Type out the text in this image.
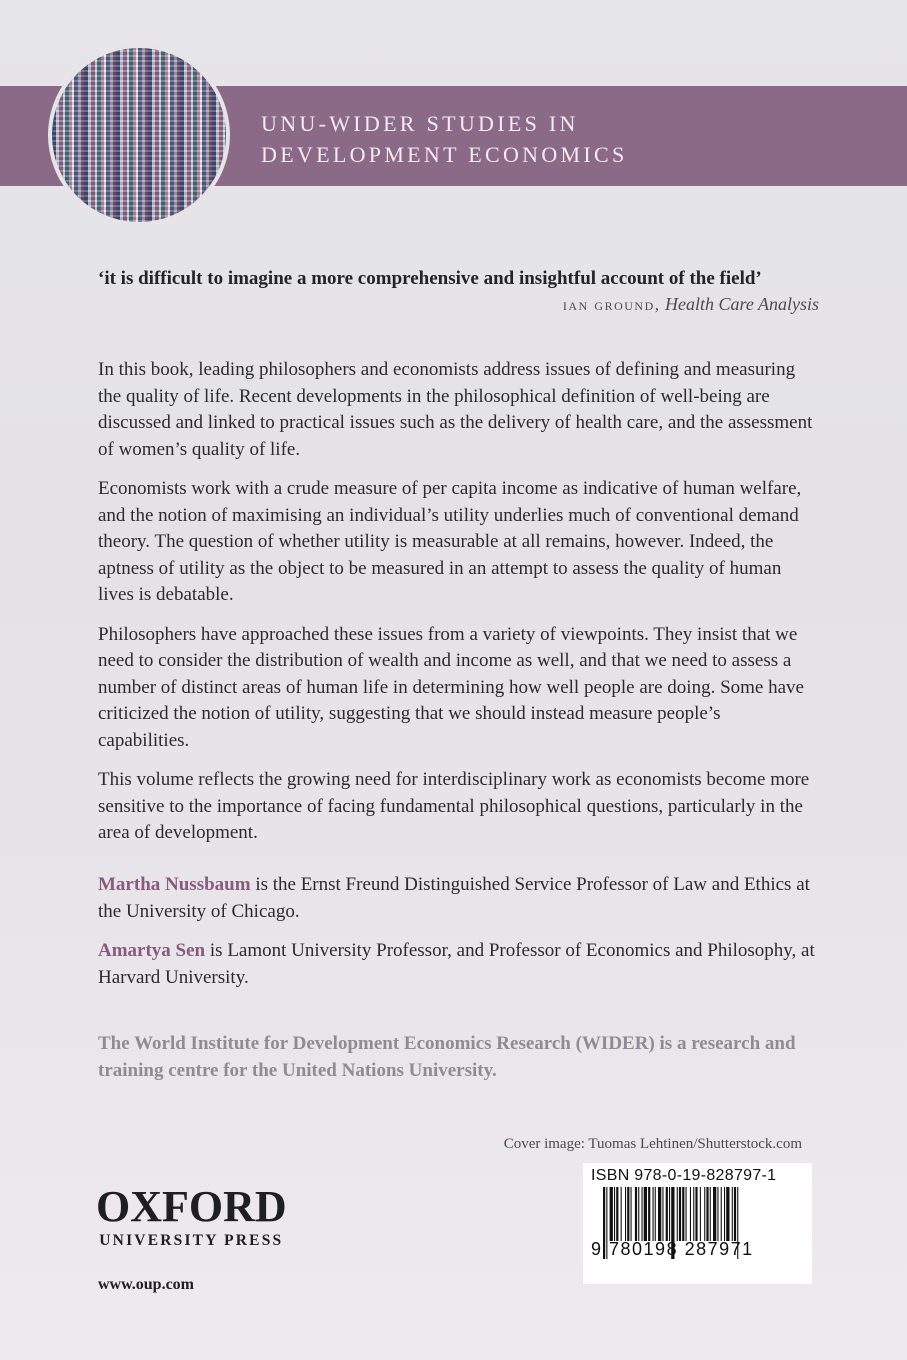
UNU-WIDER STUDIES IN
DEVELOPMENT ECONOMICS
‘it is difficult to imagine a more comprehensive and insightful account of the field’
ian ground, Health Care Analysis

In this book, leading philosophers and economists address issues of defining and measuring the quality of life. Recent developments in the philosophical definition of well-being are discussed and linked to practical issues such as the delivery of health care, and the assessment of women’s quality of life.

Economists work with a crude measure of per capita income as indicative of human welfare, and the notion of maximising an individual’s utility underlies much of conventional demand theory. The question of whether utility is measurable at all remains, however. Indeed, the aptness of utility as the object to be measured in an attempt to assess the quality of human lives is debatable.

Philosophers have approached these issues from a variety of viewpoints. They insist that we need to consider the distribution of wealth and income as well, and that we need to assess a number of distinct areas of human life in determining how well people are doing. Some have criticized the notion of utility, suggesting that we should instead measure people’s capabilities.

This volume reflects the growing need for interdisciplinary work as economists become more sensitive to the importance of facing fundamental philosophical questions, particularly in the area of development.

Martha Nussbaum is the Ernst Freund Distinguished Service Professor of Law and Ethics at the University of Chicago.

Amartya Sen is Lamont University Professor, and Professor of Economics and Philosophy, at Harvard University.

The World Institute for Development Economics Research (WIDER) is a research and training centre for the United Nations University.
Cover image: Tuomas Lehtinen/Shutterstock.com
OXFORD
UNIVERSITY PRESS
www.oup.com
ISBN 978-0-19-828797-1
9 780198 287971
